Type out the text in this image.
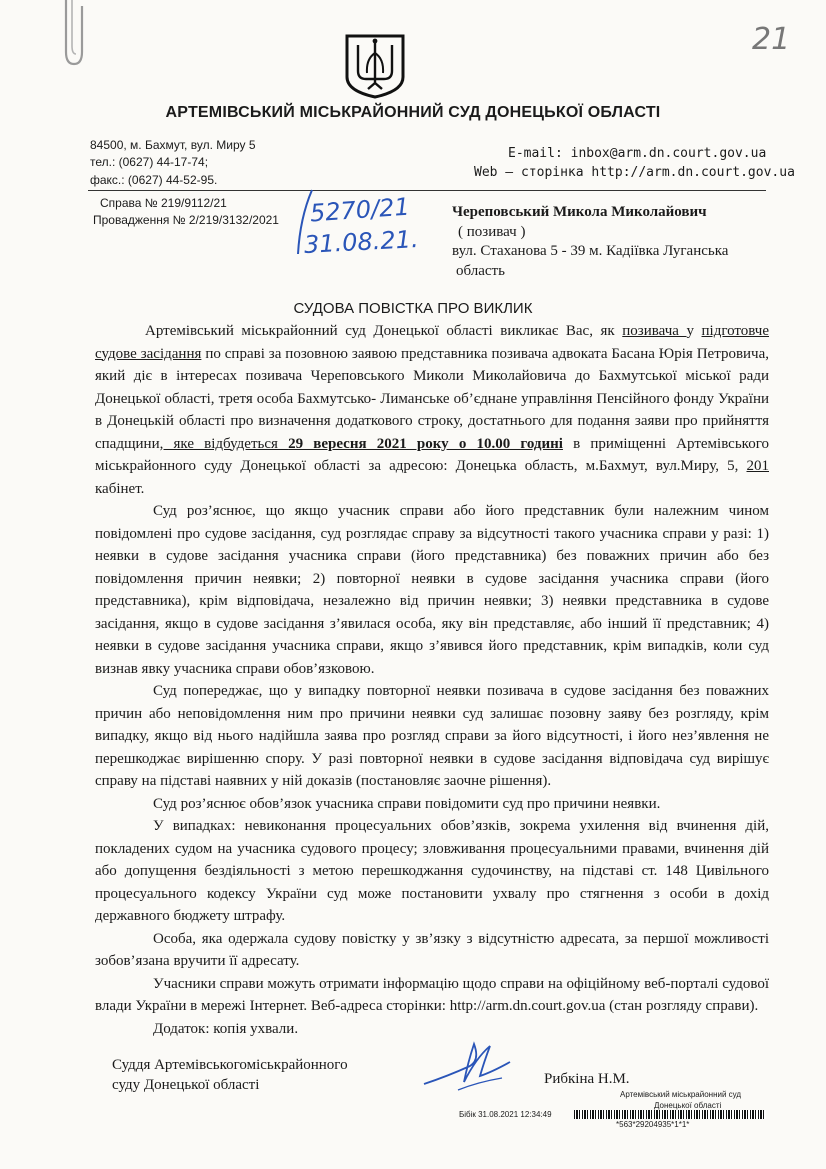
21
АРТЕМІВСЬКИЙ МІСЬКРАЙОННИЙ СУД ДОНЕЦЬКОЇ ОБЛАСТІ
84500, м. Бахмут, вул. Миру 5
тел.: (0627) 44-17-74;
факс.: (0627) 44-52-95.
E-mail: inbox@arm.dn.court.gov.ua
Web – сторінка http://arm.dn.court.gov.ua
Справа № 219/9112/21
Провадження № 2/219/3132/2021 5270/21
31.08.21.
Череповський Микола Миколайович
( позивач )
вул. Стаханова 5 - 39 м. Кадіївка Луганська
область
СУДОВА ПОВІСТКА ПРО ВИКЛИК

Артемівський міськрайонний суд Донецької області викликає Вас, як позивача у підготовче судове засідання по справі за позовною заявою представника позивача адвоката Басана Юрія Петровича, який діє в інтересах позивача Череповського Миколи Миколайовича до Бахмутської міської ради Донецької області, третя особа Бахмутсько- Лиманське об’єднане управління Пенсійного фонду України в Донецькій області про визначення додаткового строку, достатнього для подання заяви про прийняття спадщини, яке відбудеться 29 вересня 2021 року о 10.00 годині в приміщенні Артемівського міськрайонного суду Донецької області за адресою: Донецька область, м.Бахмут, вул.Миру, 5, 201 кабінет.

Суд роз’яснює, що якщо учасник справи або його представник були належним чином повідомлені про судове засідання, суд розглядає справу за відсутності такого учасника справи у разі: 1) неявки в судове засідання учасника справи (його представника) без поважних причин або без повідомлення причин неявки; 2) повторної неявки в судове засідання учасника справи (його представника), крім відповідача, незалежно від причин неявки; 3) неявки представника в судове засідання, якщо в судове засідання з’явилася особа, яку він представляє, або інший її представник; 4) неявки в судове засідання учасника справи, якщо з’явився його представник, крім випадків, коли суд визнав явку учасника справи обов’язковою.

Суд попереджає, що у випадку повторної неявки позивача в судове засідання без поважних причин або неповідомлення ним про причини неявки суд залишає позовну заяву без розгляду, крім випадку, якщо від нього надійшла заява про розгляд справи за його відсутності, і його нез’явлення не перешкоджає вирішенню спору. У разі повторної неявки в судове засідання відповідача суд вирішує справу на підставі наявних у ній доказів (постановляє заочне рішення).

Суд роз’яснює обов’язок учасника справи повідомити суд про причини неявки.

У випадках: невиконання процесуальних обов’язків, зокрема ухилення від вчинення дій, покладених судом на учасника судового процесу; зловживання процесуальними правами, вчинення дій або допущення бездіяльності з метою перешкоджання судочинству, на підставі ст. 148 Цивільного процесуального кодексу України суд може постановити ухвалу про стягнення з особи в дохід державного бюджету штрафу.

Особа, яка одержала судову повістку у зв’язку з відсутністю адресата, за першої можливості зобов’язана вручити її адресату.

Учасники справи можуть отримати інформацію щодо справи на офіційному веб-порталі судової влади України в мережі Інтернет. Веб-адреса сторінки: http://arm.dn.court.gov.ua (стан розгляду справи).

Додаток: копія ухвали.

Суддя Артемівськогоміськрайонного
суду Донецької області	Рибкіна Н.М.
Артемівський міськрайонний суд
Донецької області
Бібік 31.08.2021 12:34:49
*563*29204935*1*1*
